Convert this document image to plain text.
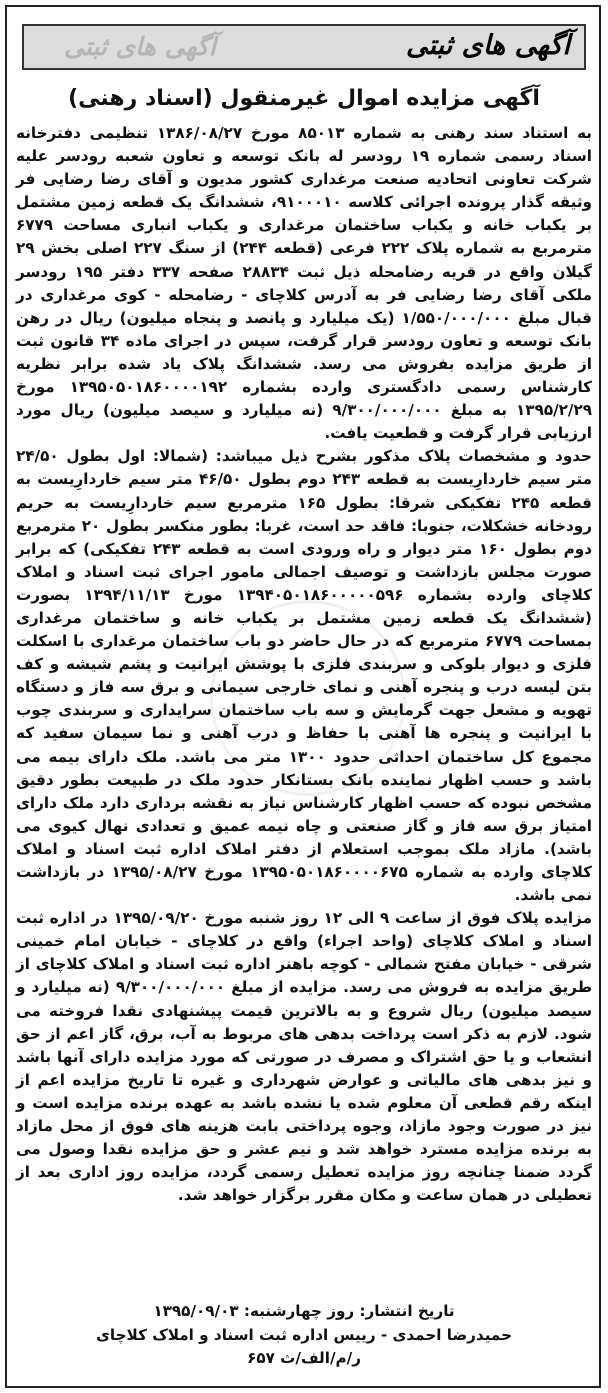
آگهی های ثبتی	آگهی های ثبتی
آگهی مزایده اموال غیرمنقول (اسناد رهنی)

به استناد سند رهنی به شماره ۸۵۰۱۳ مورخ ۱۳۸۶/۰۸/۲۷ تنظیمی دفترخانه اسناد رسمی شماره ۱۹ رودسر له بانک توسعه و تعاون شعبه رودسر علیه شرکت تعاونی اتحادیه صنعت مرغداری کشور مدیون و آقای رضا رضایی فر وثیقه گذار پرونده اجرائی کلاسه ۹۱۰۰۰۱۰، ششدانگ یک قطعه زمین مشتمل بر یکباب خانه و یکباب ساختمان مرغداری و یکباب انباری مساحت ۶۷۷۹ مترمربع به شماره پلاک ۲۲۲ فرعی (قطعه ۲۴۴) از سنگ ۲۲۷ اصلی بخش ۲۹ گیلان واقع در قریه رضامحله ذیل ثبت ۲۸۸۳۴ صفحه ۳۳۷ دفتر ۱۹۵ رودسر ملکی آقای رضا رضایی فر به آدرس کلاچای - رضامحله - کوی مرغداری در قبال مبلغ ۱/۵۵۰/۰۰۰/۰۰۰ (یک میلیارد و پانصد و پنجاه میلیون) ریال در رهن بانک توسعه و تعاون رودسر قرار گرفت، سپس در اجرای ماده ۳۴ قانون ثبت از طریق مزایده بفروش می رسد. ششدانگ پلاک یاد شده برابر نظریه کارشناس رسمی دادگستری وارده بشماره ۱۳۹۵۰۵۰۱۸۶۰۰۰۰۱۹۲ مورخ ۱۳۹۵/۲/۲۹ به مبلغ ۹/۳۰۰/۰۰۰/۰۰۰ (نه میلیارد و سیصد میلیون) ریال مورد ارزیابی قرار گرفت و قطعیت یافت.

حدود و مشخصات پلاک مذکور بشرح ذیل میباشد: (شمالا: اول بطول ۲۴/۵۰ متر سیم خاردارِیست به قطعه ۲۴۳ دوم بطول ۴۶/۵۰ متر سیم خاردارِیست به قطعه ۲۴۵ تفکیکی شرقا: بطول ۱۶۵ مترمربع سیم خاردارِیست به حریم رودخانه خشکلات، جنوبا: فاقد حد است، غربا: بطور منکسر بطول ۲۰ مترمربع دوم بطول ۱۶۰ متر دیوار و راه ورودی است به قطعه ۲۴۳ تفکیکی) که برابر صورت مجلس بازداشت و توصیف اجمالی مامور اجرای ثبت اسناد و املاک کلاچای وارده بشماره ۱۳۹۴۰۵۰۱۸۶۰۰۰۰۰۵۹۶ مورخ ۱۳۹۴/۱۱/۱۳ بصورت (ششدانگ یک قطعه زمین مشتمل بر یکباب خانه و ساختمان مرغداری بمساحت ۶۷۷۹ مترمربع که در حال حاضر دو باب ساختمان مرغداری با اسکلت فلزی و دیوار بلوکی و سربندی فلزی با پوشش ایرانیت و پشم شیشه و کف بتن لیسه درب و پنجره آهنی و نمای خارجی سیمانی و برق سه فاز و دستگاه تهویه و مشعل جهت گرمایش و سه باب ساختمان سرایداری و سربندی چوب با ایرانیت و پنجره ها آهنی با حفاظ و درب آهنی و نما سیمان سفید که مجموع کل ساختمان احداثی حدود ۱۳۰۰ متر می باشد. ملک دارای بیمه می باشد و حسب اظهار نماینده بانک بستانکار حدود ملک در طبیعت بطور دقیق مشخص نبوده که حسب اظهار کارشناس نیاز به نقشه برداری دارد ملک دارای امتیاز برق سه فاز و گاز صنعتی و چاه نیمه عمیق و تعدادی نهال کیوی می باشد). مازاد ملک بموجب استعلام از دفتر املاک اداره ثبت اسناد و املاک کلاچای وارده به شماره ۱۳۹۵۰۵۰۱۸۶۰۰۰۰۶۷۵ مورخ ۱۳۹۵/۰۸/۲۷ در بازداشت نمی باشد.

مزایده پلاک فوق از ساعت ۹ الی ۱۲ روز شنبه مورخ ۱۳۹۵/۰۹/۲۰ در اداره ثبت اسناد و املاک کلاچای (واحد اجراء) واقع در کلاچای - خیابان امام خمینی شرقی - خیابان مفتح شمالی - کوچه باهنر اداره ثبت اسناد و املاک کلاچای از طریق مزایده به فروش می رسد. مزایده از مبلغ ۹/۳۰۰/۰۰۰/۰۰۰ (نه میلیارد و سیصد میلیون) ریال شروع و به بالاترین قیمت پیشنهادی نقدا فروخته می شود. لازم به ذکر است پرداخت بدهی های مربوط به آب، برق، گاز اعم از حق انشعاب و یا حق اشتراک و مصرف در صورتی که مورد مزایده دارای آنها باشد و نیز بدهی های مالیاتی و عوارض شهرداری و غیره تا تاریخ مزایده اعم از اینکه رقم قطعی آن معلوم شده یا نشده باشد به عهده برنده مزایده است و نیز در صورت وجود مازاد، وجوه پرداختی بابت هزینه های فوق از محل مازاد به برنده مزایده مسترد خواهد شد و نیم عشر و حق مزایده نقدا وصول می گردد ضمنا چنانچه روز مزایده تعطیل رسمی گردد، مزایده روز اداری بعد از تعطیلی در همان ساعت و مکان مقرر برگزار خواهد شد.

تاریخ انتشار: روز چهارشنبه: ۱۳۹۵/۰۹/۰۳
حمیدرضا احمدی - رییس اداره ثبت اسناد و املاک کلاچای
ر/م/الف/ث ۶۵۷
